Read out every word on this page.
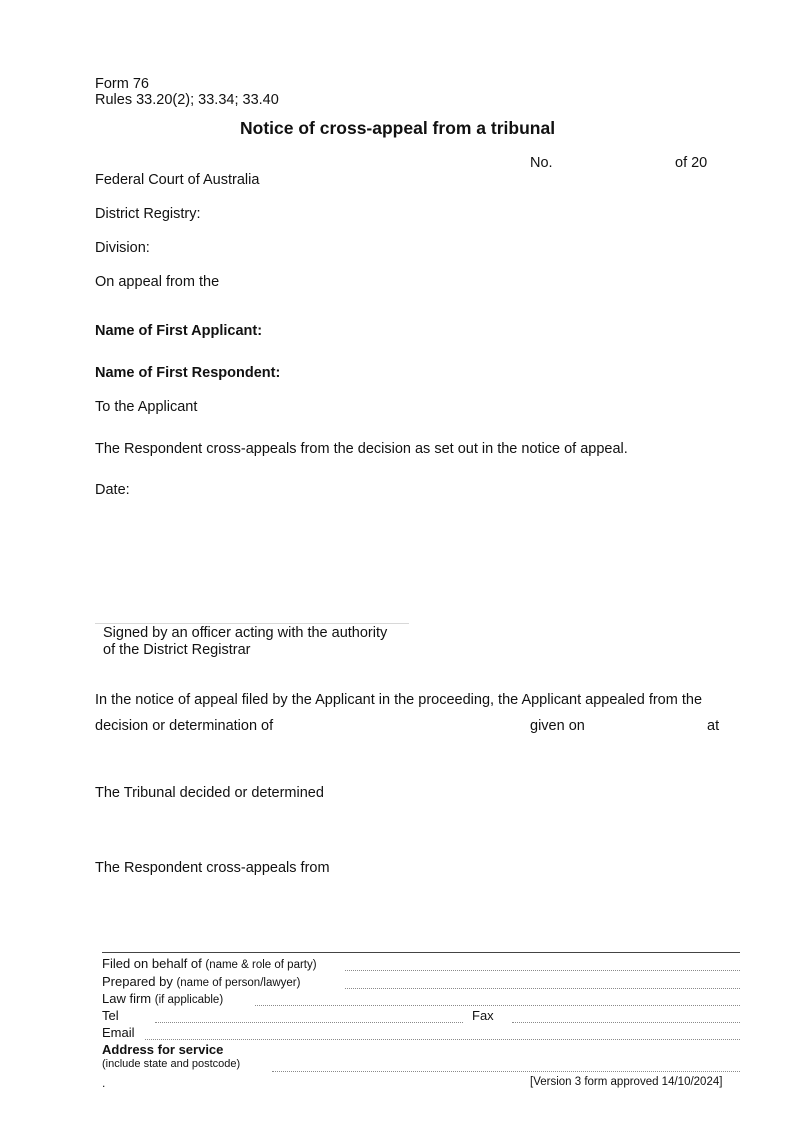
Form 76
Rules 33.20(2); 33.34; 33.40
Notice of cross-appeal from a tribunal
No.	of 20
Federal Court of Australia
District Registry:
Division:
On appeal from the
Name of First Applicant:
Name of First Respondent:
To the Applicant
The Respondent cross-appeals from the decision as set out in the notice of appeal.
Date:
Signed by an officer acting with the authority
of the District Registrar
In the notice of appeal filed by the Applicant in the proceeding, the Applicant appealed from the
decision or determination of	given on	at
The Tribunal decided or determined
The Respondent cross-appeals from
Filed on behalf of (name & role of party)
Prepared by (name of person/lawyer)
Law firm (if applicable)
Tel	Fax
Email
Address for service
(include state and postcode)
.	[Version 3 form approved 14/10/2024]
